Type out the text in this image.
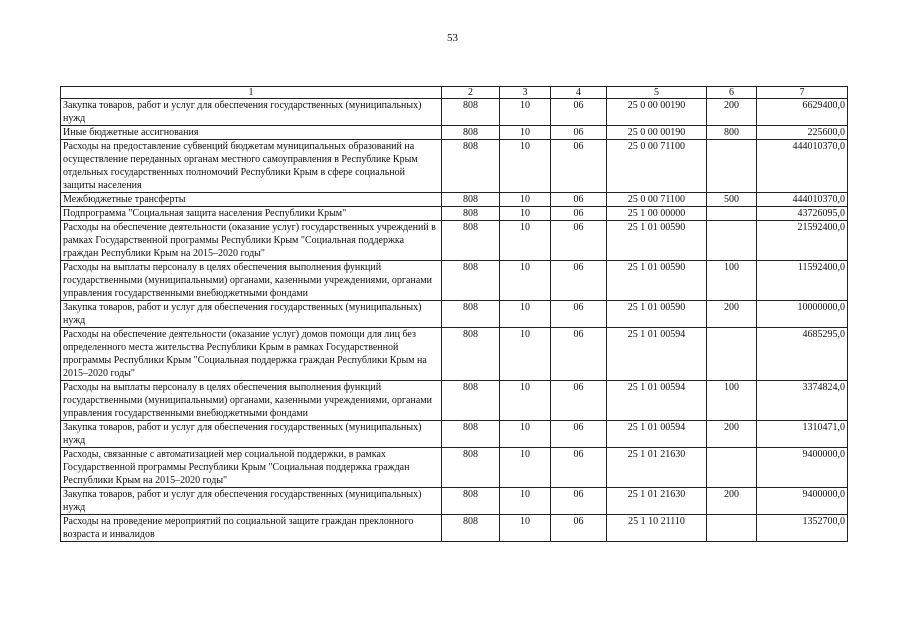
53
1	2	3	4	5	6	7
Закупка товаров, работ и услуг для обеспечения государственных (муниципальных) нужд	808	10	06	25 0 00 00190	200	6629400,0
Иные бюджетные ассигнования	808	10	06	25 0 00 00190	800	225600,0
Расходы на предоставление субвенций бюджетам муниципальных образований на осуществление переданных органам местного самоуправления в Республике Крым отдельных государственных полномочий Республики Крым в сфере социальной защиты населения	808	10	06	25 0 00 71100		444010370,0
Межбюджетные трансферты	808	10	06	25 0 00 71100	500	444010370,0
Подпрограмма "Социальная защита населения Республики Крым"	808	10	06	25 1 00 00000		43726095,0
Расходы на обеспечение деятельности (оказание услуг) государственных учреждений в рамках Государственной программы Республики Крым "Социальная поддержка граждан Республики Крым на 2015–2020 годы"	808	10	06	25 1 01 00590		21592400,0
Расходы на выплаты персоналу в целях обеспечения выполнения функций государственными (муниципальными) органами, казенными учреждениями, органами управления государственными внебюджетными фондами	808	10	06	25 1 01 00590	100	11592400,0
Закупка товаров, работ и услуг для обеспечения государственных (муниципальных) нужд	808	10	06	25 1 01 00590	200	10000000,0
Расходы на обеспечение деятельности (оказание услуг) домов помощи для лиц без определенного места жительства Республики Крым в рамках Государственной программы Республики Крым "Социальная поддержка граждан Республики Крым на 2015–2020 годы"	808	10	06	25 1 01 00594		4685295,0
Расходы на выплаты персоналу в целях обеспечения выполнения функций государственными (муниципальными) органами, казенными учреждениями, органами управления государственными внебюджетными фондами	808	10	06	25 1 01 00594	100	3374824,0
Закупка товаров, работ и услуг для обеспечения государственных (муниципальных) нужд	808	10	06	25 1 01 00594	200	1310471,0
Расходы, связанные с автоматизацией мер социальной поддержки, в рамках Государственной программы Республики Крым "Социальная поддержка граждан Республики Крым на 2015–2020 годы"	808	10	06	25 1 01 21630		9400000,0
Закупка товаров, работ и услуг для обеспечения государственных (муниципальных) нужд	808	10	06	25 1 01 21630	200	9400000,0
Расходы на проведение мероприятий по социальной защите граждан преклонного возраста и инвалидов	808	10	06	25 1 10 21110		1352700,0
